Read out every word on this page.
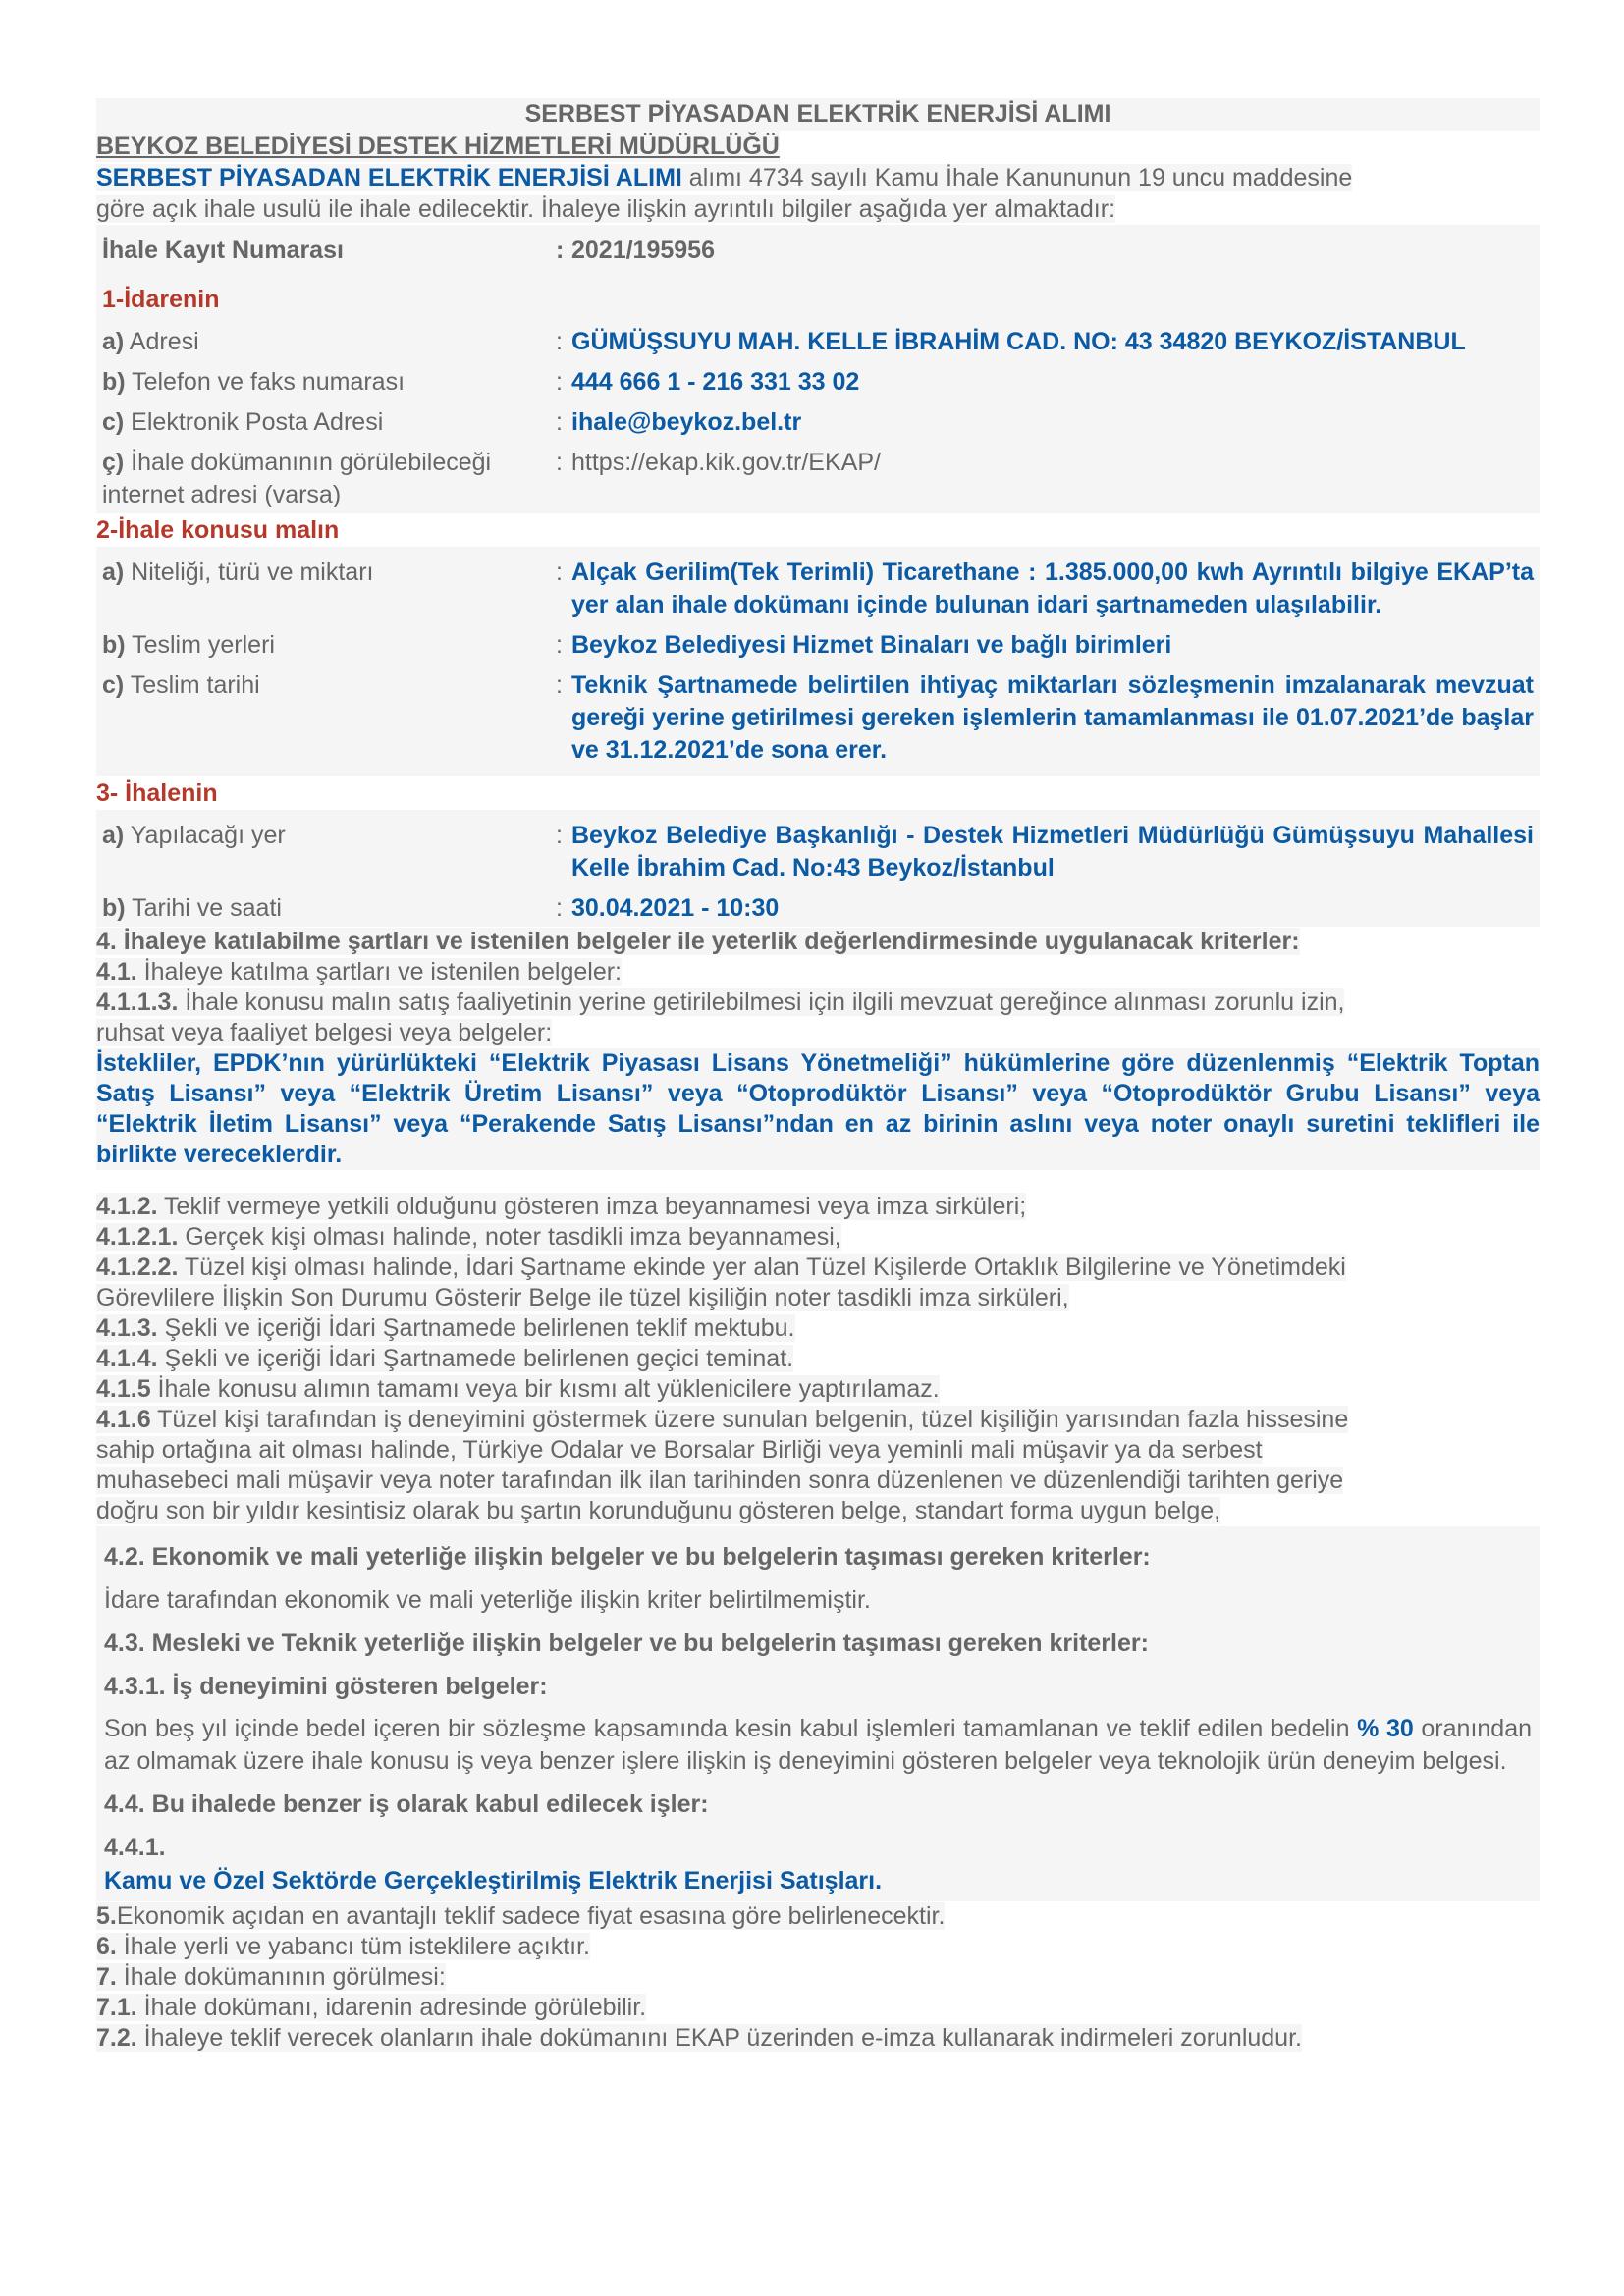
SERBEST PİYASADAN ELEKTRİK ENERJİSİ ALIMI
BEYKOZ BELEDİYESİ DESTEK HİZMETLERİ MÜDÜRLÜĞÜ
SERBEST PİYASADAN ELEKTRİK ENERJİSİ ALIMI alımı 4734 sayılı Kamu İhale Kanununun 19 uncu maddesine
göre açık ihale usulü ile ihale edilecektir. İhaleye ilişkin ayrıntılı bilgiler aşağıda yer almaktadır:
İhale Kayıt Numarası	: 2021/195956
1-İdarenin
a) Adresi	: GÜMÜŞSUYU MAH. KELLE İBRAHİM CAD. NO: 43 34820 BEYKOZ/İSTANBUL
b) Telefon ve faks numarası	: 444 666 1 - 216 331 33 02
c) Elektronik Posta Adresi	: ihale@beykoz.bel.tr
ç) İhale dokümanının görülebileceği internet adresi (varsa)
: https://ekap.kik.gov.tr/EKAP/
2-İhale konusu malın
a) Niteliği, türü ve miktarı	: Alçak Gerilim(Tek Terimli) Ticarethane : 1.385.000,00 kwh Ayrıntılı bilgiye EKAP’ta yer alan ihale dokümanı içinde bulunan idari şartnameden ulaşılabilir.
b) Teslim yerleri	: Beykoz Belediyesi Hizmet Binaları ve bağlı birimleri
c) Teslim tarihi	: Teknik Şartnamede belirtilen ihtiyaç miktarları sözleşmenin imzalanarak mevzuat gereği yerine getirilmesi gereken işlemlerin tamamlanması ile 01.07.2021’de başlar ve 31.12.2021’de sona erer.
3- İhalenin
a) Yapılacağı yer	: Beykoz Belediye Başkanlığı - Destek Hizmetleri Müdürlüğü Gümüşsuyu Mahallesi Kelle İbrahim Cad. No:43 Beykoz/İstanbul
b) Tarihi ve saati	: 30.04.2021 - 10:30
4. İhaleye katılabilme şartları ve istenilen belgeler ile yeterlik değerlendirmesinde uygulanacak kriterler:
4.1. İhaleye katılma şartları ve istenilen belgeler:
4.1.1.3. İhale konusu malın satış faaliyetinin yerine getirilebilmesi için ilgili mevzuat gereğince alınması zorunlu izin,
ruhsat veya faaliyet belgesi veya belgeler:
İstekliler, EPDK’nın yürürlükteki “Elektrik Piyasası Lisans Yönetmeliği” hükümlerine göre düzenlenmiş “Elektrik Toptan Satış Lisansı” veya “Elektrik Üretim Lisansı” veya “Otoprodüktör Lisansı” veya “Otoprodüktör Grubu Lisansı” veya “Elektrik İletim Lisansı” veya “Perakende Satış Lisansı”ndan en az birinin aslını veya noter onaylı suretini teklifleri ile birlikte vereceklerdir.
4.1.2. Teklif vermeye yetkili olduğunu gösteren imza beyannamesi veya imza sirküleri;
4.1.2.1. Gerçek kişi olması halinde, noter tasdikli imza beyannamesi,
4.1.2.2. Tüzel kişi olması halinde, İdari Şartname ekinde yer alan Tüzel Kişilerde Ortaklık Bilgilerine ve Yönetimdeki
Görevlilere İlişkin Son Durumu Gösterir Belge ile tüzel kişiliğin noter tasdikli imza sirküleri,
4.1.3. Şekli ve içeriği İdari Şartnamede belirlenen teklif mektubu.
4.1.4. Şekli ve içeriği İdari Şartnamede belirlenen geçici teminat.
4.1.5 İhale konusu alımın tamamı veya bir kısmı alt yüklenicilere yaptırılamaz.
4.1.6 Tüzel kişi tarafından iş deneyimini göstermek üzere sunulan belgenin, tüzel kişiliğin yarısından fazla hissesine
sahip ortağına ait olması halinde, Türkiye Odalar ve Borsalar Birliği veya yeminli mali müşavir ya da serbest
muhasebeci mali müşavir veya noter tarafından ilk ilan tarihinden sonra düzenlenen ve düzenlendiği tarihten geriye
doğru son bir yıldır kesintisiz olarak bu şartın korunduğunu gösteren belge, standart forma uygun belge,
4.2. Ekonomik ve mali yeterliğe ilişkin belgeler ve bu belgelerin taşıması gereken kriterler:
İdare tarafından ekonomik ve mali yeterliğe ilişkin kriter belirtilmemiştir.
4.3. Mesleki ve Teknik yeterliğe ilişkin belgeler ve bu belgelerin taşıması gereken kriterler:
4.3.1. İş deneyimini gösteren belgeler:
Son beş yıl içinde bedel içeren bir sözleşme kapsamında kesin kabul işlemleri tamamlanan ve teklif edilen bedelin % 30 oranından az olmamak üzere ihale konusu iş veya benzer işlere ilişkin iş deneyimini gösteren belgeler veya teknolojik ürün deneyim belgesi.
4.4. Bu ihalede benzer iş olarak kabul edilecek işler:
4.4.1.
Kamu ve Özel Sektörde Gerçekleştirilmiş Elektrik Enerjisi Satışları.
5.Ekonomik açıdan en avantajlı teklif sadece fiyat esasına göre belirlenecektir.
6. İhale yerli ve yabancı tüm isteklilere açıktır.
7. İhale dokümanının görülmesi:
7.1. İhale dokümanı, idarenin adresinde görülebilir.
7.2. İhaleye teklif verecek olanların ihale dokümanını EKAP üzerinden e-imza kullanarak indirmeleri zorunludur.
